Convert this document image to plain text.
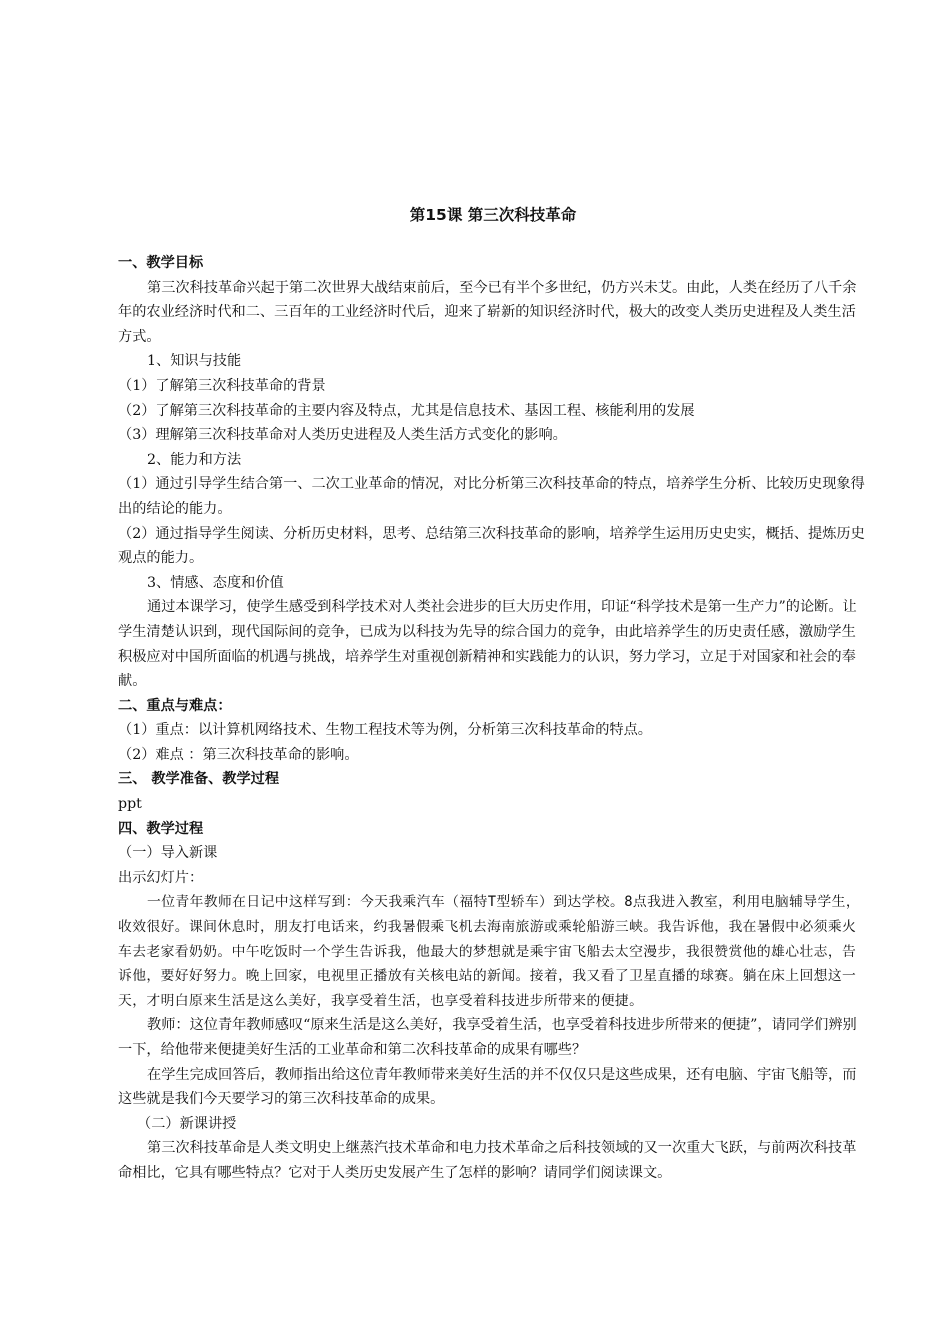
第15课 第三次科技革命

一、教学目标

第三次科技革命兴起于第二次世界大战结束前后，至今已有半个多世纪，仍方兴未艾。由此，人类在经历了八千余年的农业经济时代和二、三百年的工业经济时代后，迎来了崭新的知识经济时代，极大的改变人类历史进程及人类生活方式。

1、知识与技能

（1）了解第三次科技革命的背景

（2）了解第三次科技革命的主要内容及特点，尤其是信息技术、基因工程、核能利用的发展

（3）理解第三次科技革命对人类历史进程及人类生活方式变化的影响。

2、能力和方法

（1）通过引导学生结合第一、二次工业革命的情况，对比分析第三次科技革命的特点，培养学生分析、比较历史现象得出的结论的能力。

（2）通过指导学生阅读、分析历史材料，思考、总结第三次科技革命的影响，培养学生运用历史史实，概括、提炼历史观点的能力。

3、情感、态度和价值

通过本课学习，使学生感受到科学技术对人类社会进步的巨大历史作用，印证“科学技术是第一生产力”的论断。让学生清楚认识到，现代国际间的竞争，已成为以科技为先导的综合国力的竞争，由此培养学生的历史责任感，激励学生积极应对中国所面临的机遇与挑战，培养学生对重视创新精神和实践能力的认识，努力学习，立足于对国家和社会的奉献。

二、重点与难点：

（1）重点：以计算机网络技术、生物工程技术等为例，分析第三次科技革命的特点。

（2）难点 ：第三次科技革命的影响。

三、 教学准备、教学过程

ppt

四、教学过程

（一）导入新课

出示幻灯片：

一位青年教师在日记中这样写到：今天我乘汽车（福特T型轿车）到达学校。8点我进入教室，利用电脑辅导学生，收效很好。课间休息时，朋友打电话来，约我暑假乘飞机去海南旅游或乘轮船游三峡。我告诉他，我在暑假中必须乘火车去老家看奶奶。中午吃饭时一个学生告诉我，他最大的梦想就是乘宇宙飞船去太空漫步，我很赞赏他的雄心壮志，告诉他，要好好努力。晚上回家，电视里正播放有关核电站的新闻。接着，我又看了卫星直播的球赛。躺在床上回想这一天，才明白原来生活是这么美好，我享受着生活，也享受着科技进步所带来的便捷。

教师：这位青年教师感叹“原来生活是这么美好，我享受着生活，也享受着科技进步所带来的便捷”，请同学们辨别一下，给他带来便捷美好生活的工业革命和第二次科技革命的成果有哪些？

在学生完成回答后，教师指出给这位青年教师带来美好生活的并不仅仅只是这些成果，还有电脑、宇宙飞船等，而这些就是我们今天要学习的第三次科技革命的成果。

（二）新课讲授

第三次科技革命是人类文明史上继蒸汽技术革命和电力技术革命之后科技领域的又一次重大飞跃，与前两次科技革命相比，它具有哪些特点？它对于人类历史发展产生了怎样的影响？请同学们阅读课文。
